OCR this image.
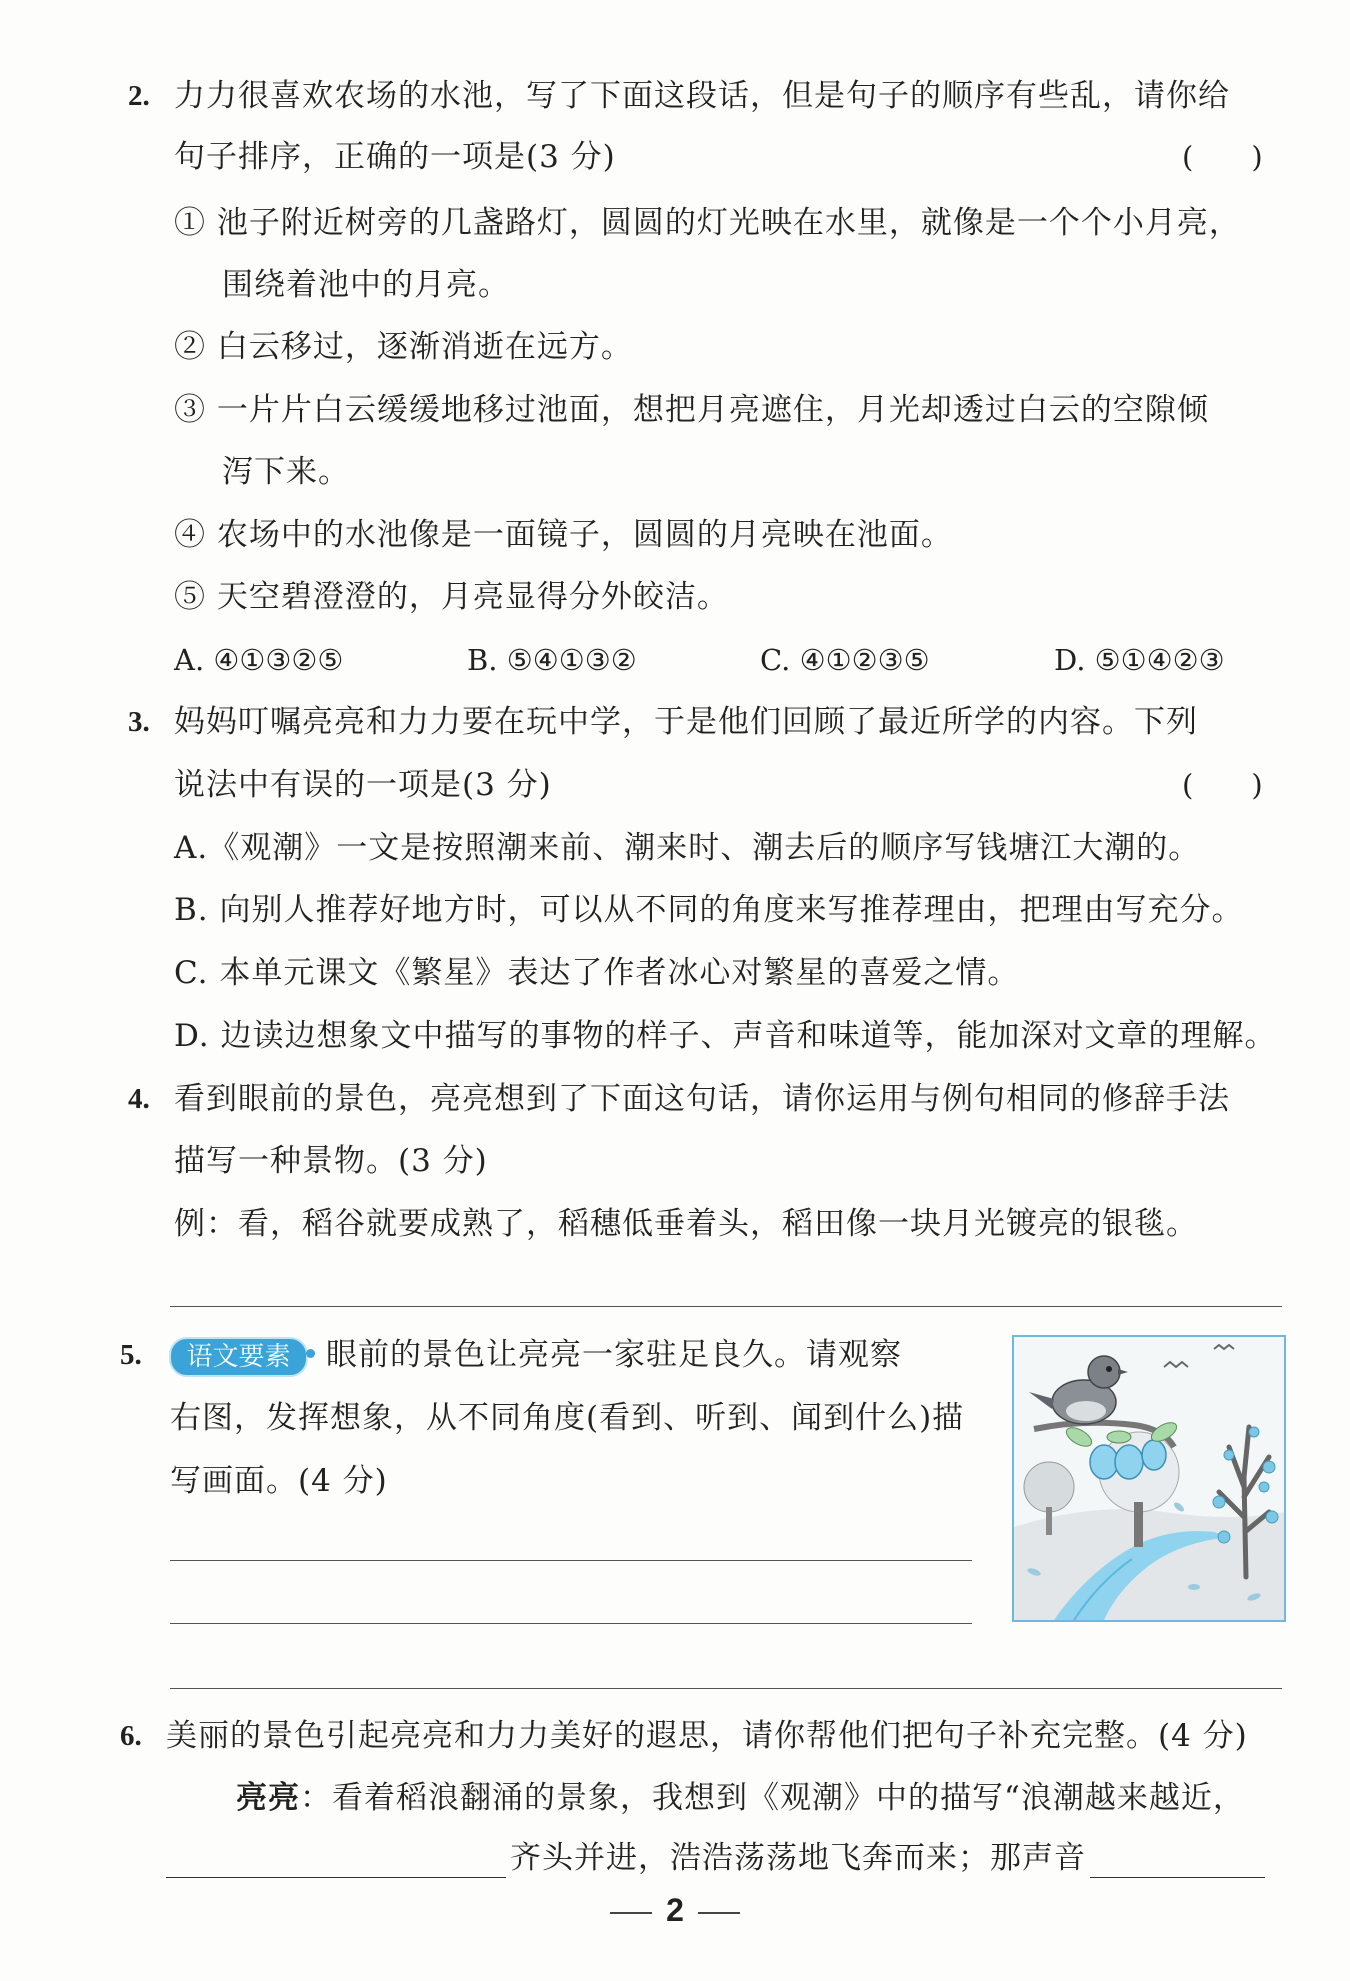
2. 力力很喜欢农场的水池，写了下面这段话，但是句子的顺序有些乱，请你给
句子排序，正确的一项是(3 分)	(　　)
① 池子附近树旁的几盏路灯，圆圆的灯光映在水里，就像是一个个小月亮，
围绕着池中的月亮。
② 白云移过，逐渐消逝在远方。
③ 一片片白云缓缓地移过池面，想把月亮遮住，月光却透过白云的空隙倾
泻下来。
④ 农场中的水池像是一面镜子，圆圆的月亮映在池面。
⑤ 天空碧澄澄的，月亮显得分外皎洁。
A. ④①③②⑤	B. ⑤④①③②	C. ④①②③⑤	D. ⑤①④②③
3. 妈妈叮嘱亮亮和力力要在玩中学，于是他们回顾了最近所学的内容。下列
说法中有误的一项是(3 分)	(　　)
A.《观潮》一文是按照潮来前、潮来时、潮去后的顺序写钱塘江大潮的。
B. 向别人推荐好地方时，可以从不同的角度来写推荐理由，把理由写充分。
C. 本单元课文《繁星》表达了作者冰心对繁星的喜爱之情。
D. 边读边想象文中描写的事物的样子、声音和味道等，能加深对文章的理解。
4. 看到眼前的景色，亮亮想到了下面这句话，请你运用与例句相同的修辞手法
描写一种景物。(3 分)
例：看，稻谷就要成熟了，稻穗低垂着头，稻田像一块月光镀亮的银毯。
5.	语文要素	眼前的景色让亮亮一家驻足良久。请观察
右图，发挥想象，从不同角度(看到、听到、闻到什么)描
写画面。(4 分)
6. 美丽的景色引起亮亮和力力美好的遐思，请你帮他们把句子补充完整。(4 分)
亮亮：看着稻浪翻涌的景象，我想到《观潮》中的描写“浪潮越来越近，
齐头并进，浩浩荡荡地飞奔而来；那声音
2
